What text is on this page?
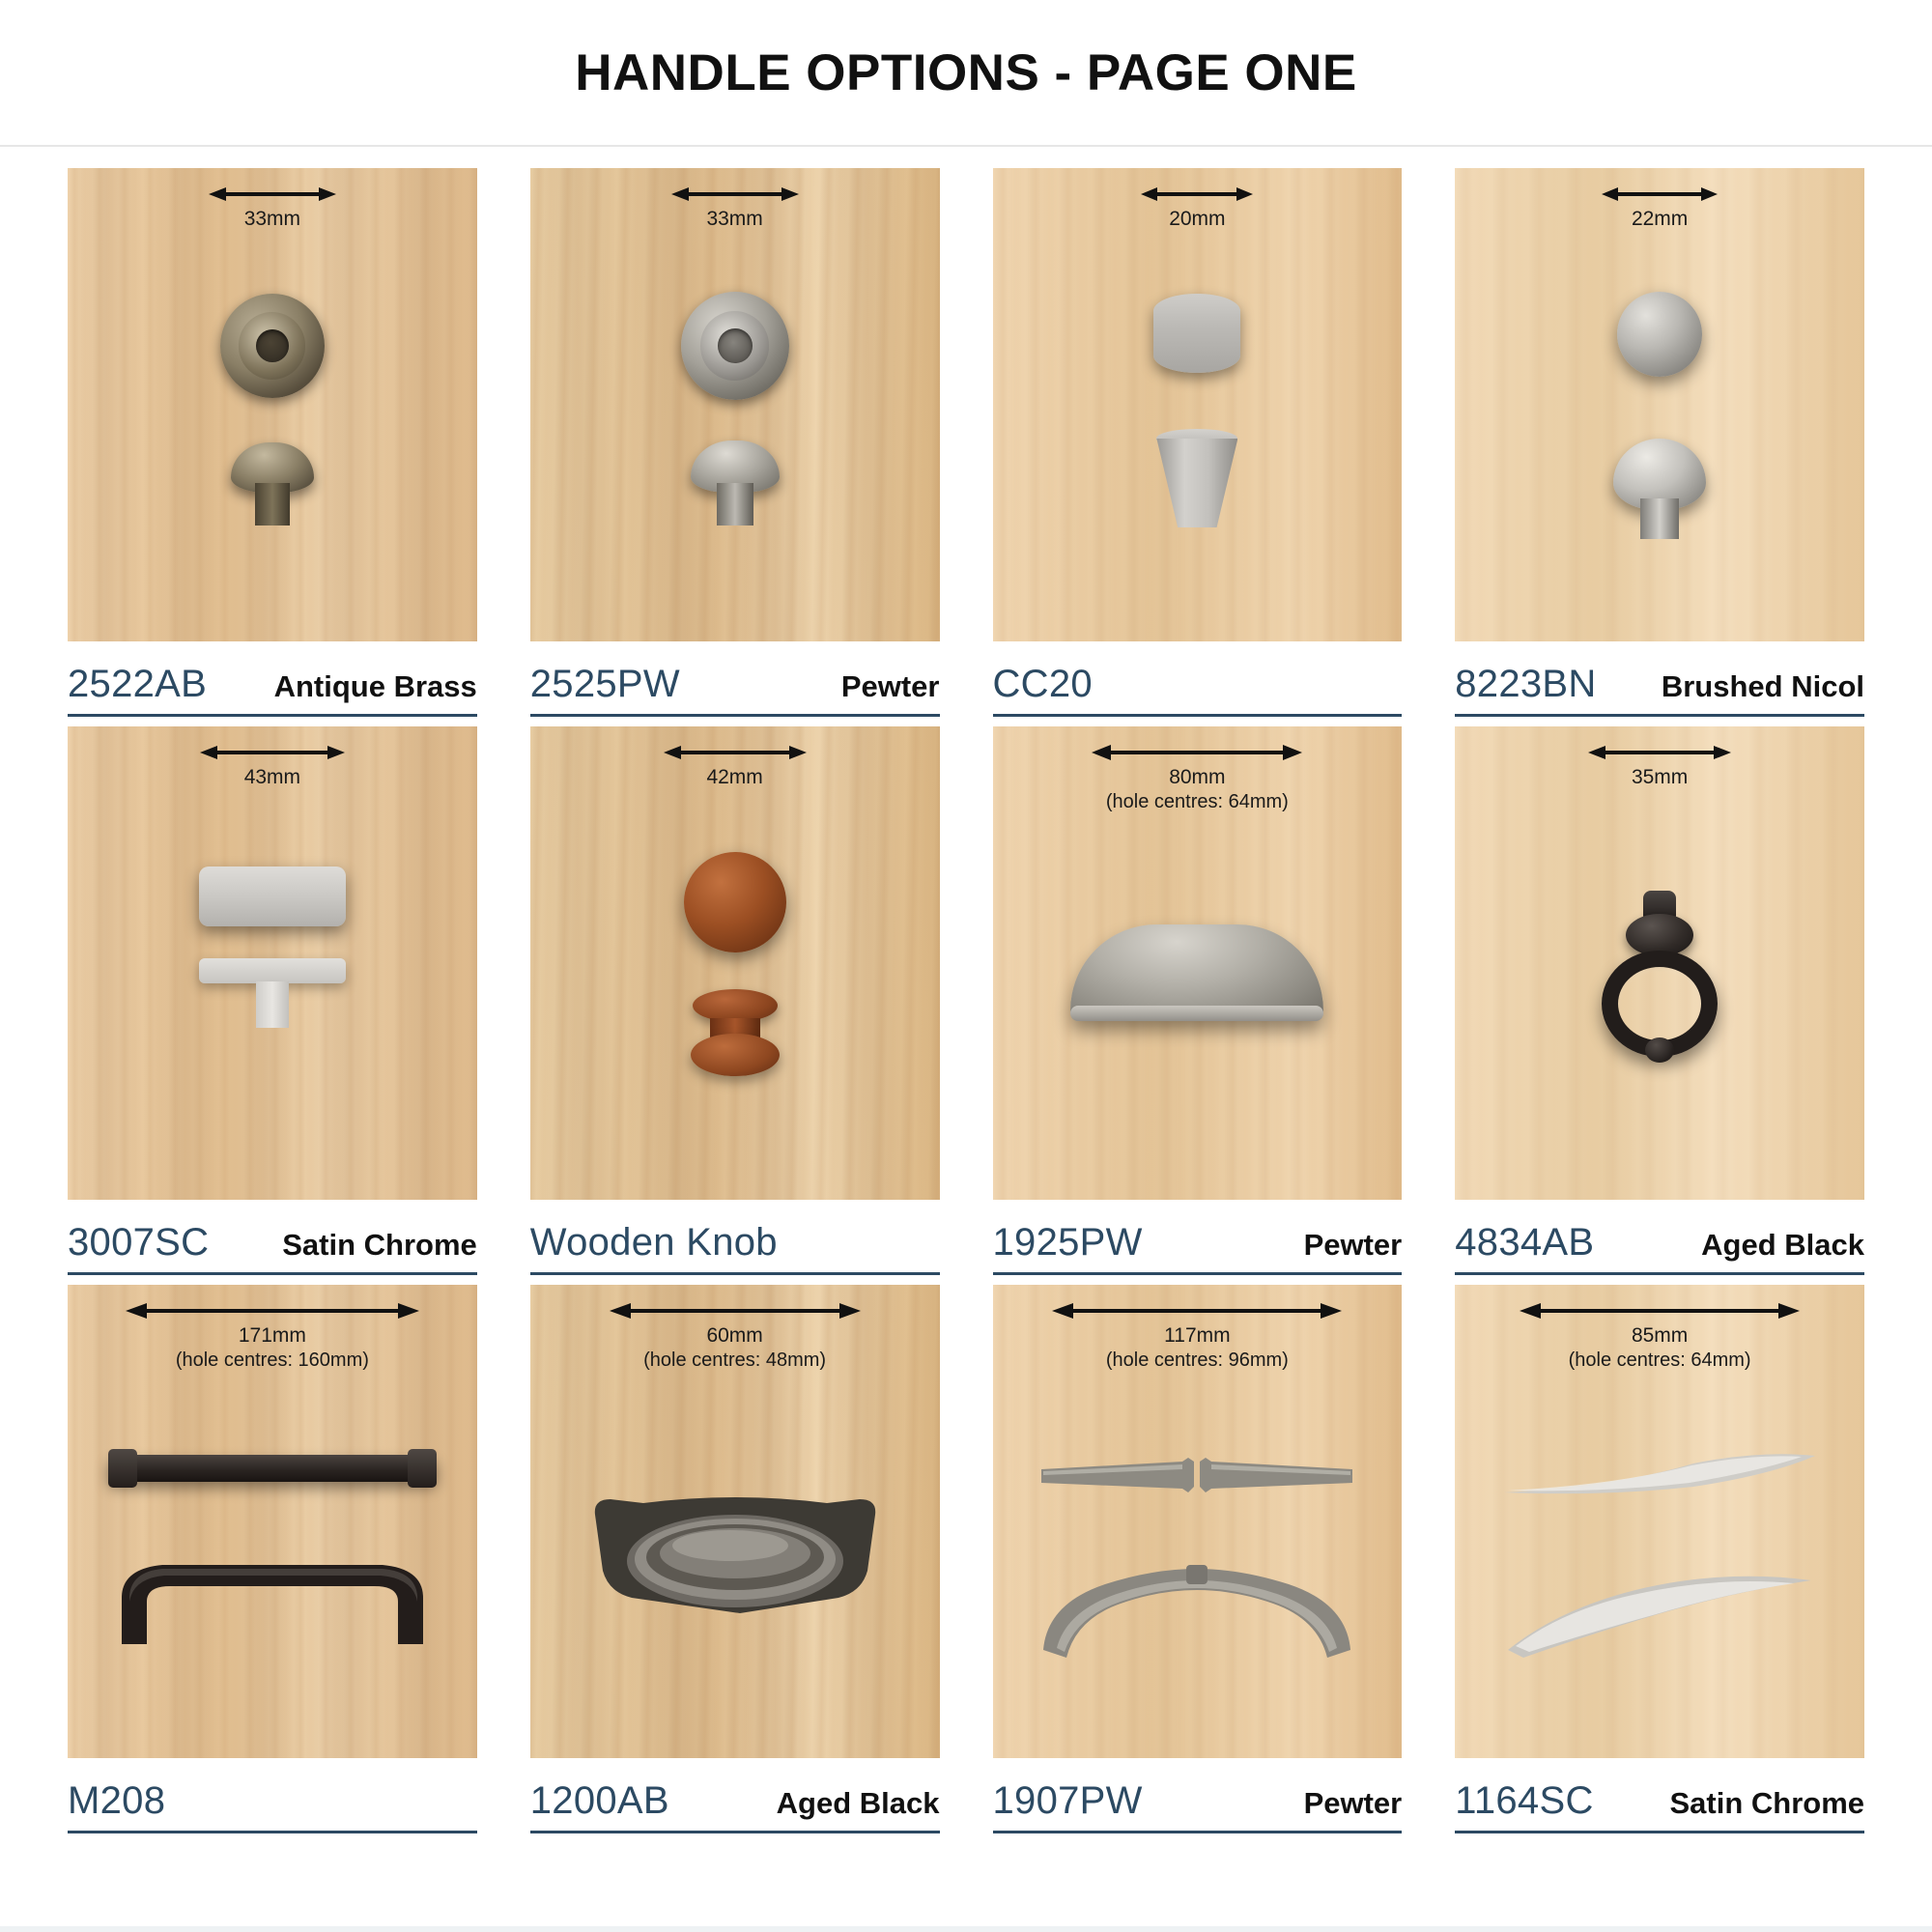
HANDLE OPTIONS - PAGE ONE
33mm
2522AB Antique Brass
33mm
2525PW	Pewter
20mm
CC20
22mm
8223BN Brushed Nicol
43mm
3007SC Satin Chrome
42mm
Wooden Knob
80mm
(hole centres: 64mm)
1925PW	Pewter
35mm
4834AB	Aged Black
171mm
(hole centres: 160mm)
M208
60mm
(hole centres: 48mm)
1200AB	Aged Black
117mm
(hole centres: 96mm)
1907PW	Pewter
85mm
(hole centres: 64mm)
1164SC	Satin Chrome
